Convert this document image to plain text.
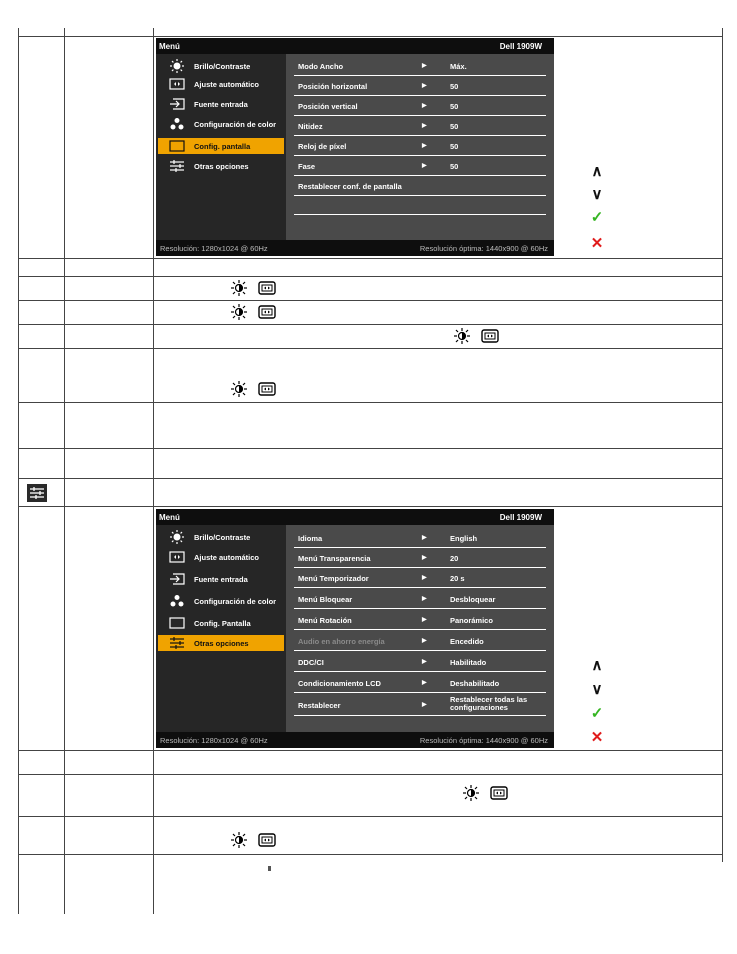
Menú	Dell 1909W
Brillo/Contraste
Ajuste automático
Fuente entrada
Configuración de color
Config. pantalla
Otras opciones
Modo Ancho	▶	Máx.
Posición horizontal	▶	50
Posición vertical	▶	50
Nitidez	▶	50
Reloj de píxel	▶	50
Fase	▶	50
Restablecer conf. de pantalla
Resolución: 1280x1024 @ 60Hz	Resolución óptima: 1440x900 @ 60Hz
∧
∨
✓
✕
Menú	Dell 1909W
Brillo/Contraste
Ajuste automático
Fuente entrada
Configuración de color
Config. Pantalla
Otras opciones
Idioma	▶	English
Menú Transparencia	▶	20
Menú Temporizador	▶	20 s
Menú Bloquear	▶	Desbloquear
Menú Rotación	▶	Panorámico
Audio en ahorro energía	▶	Encedido
DDC/CI	▶	Habilitado
Condicionamiento LCD	▶	Deshabilitado
Restablecer	▶
Restablecer todas las
configuraciones
Resolución: 1280x1024 @ 60Hz	Resolución óptima: 1440x900 @ 60Hz
∧
∨
✓
✕
